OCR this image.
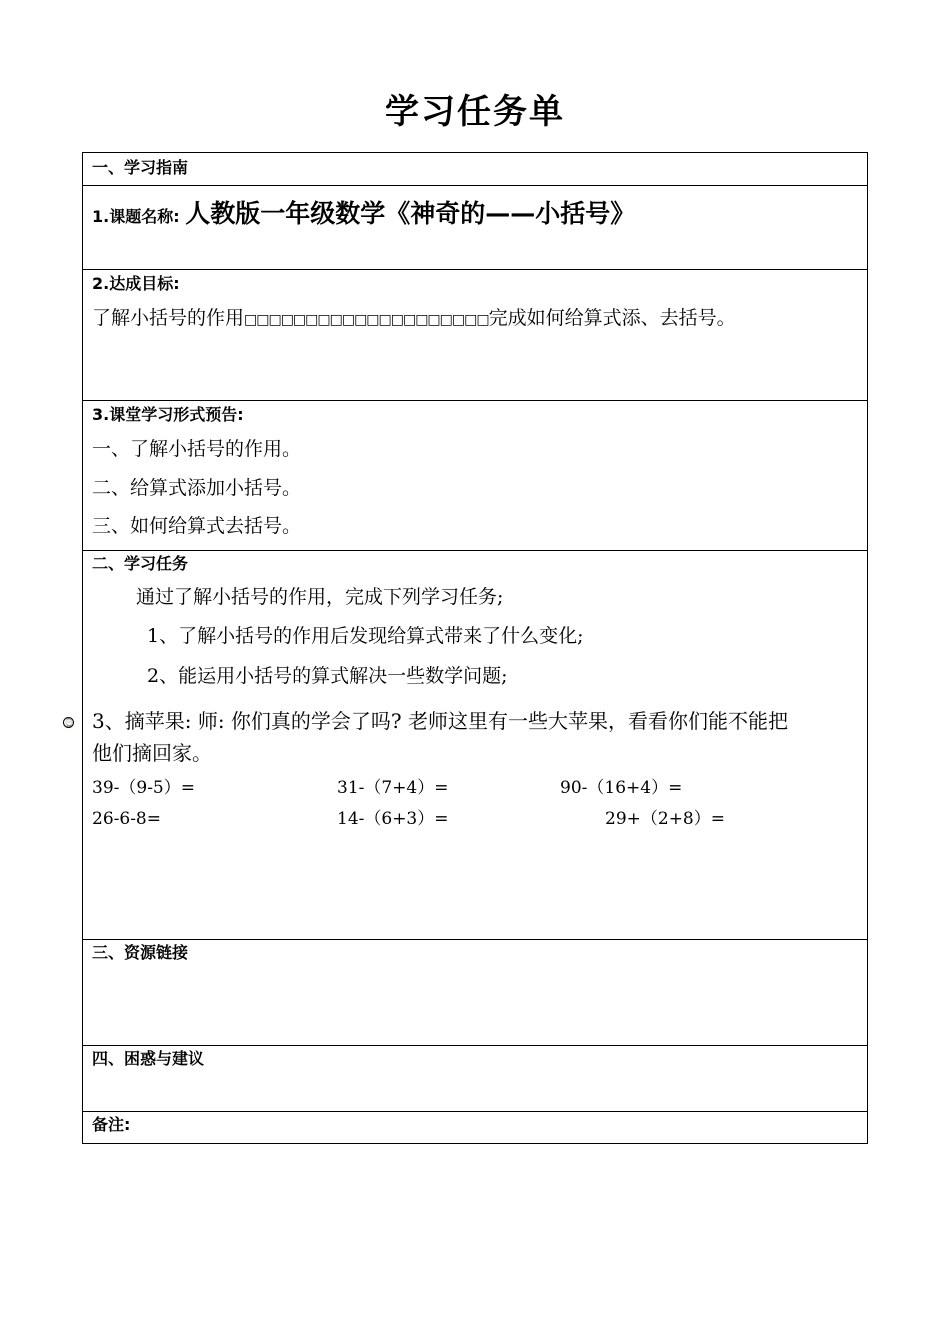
学习任务单
⌚
一、学习指南
1.课题名称: 人教版一年级数学《神奇的——小括号》
2.达成目标:
了解小括号的作用□□□□□□□□□□□□□□□□□□□□完成如何给算式添、去括号。
3.课堂学习形式预告:
一、了解小括号的作用。
二、给算式添加小括号。
三、如何给算式去括号。
二、学习任务
通过了解小括号的作用，完成下列学习任务;
1、了解小括号的作用后发现给算式带来了什么变化;
2、能运用小括号的算式解决一些数学问题;
3、摘苹果: 师: 你们真的学会了吗? 老师这里有一些大苹果，看看你们能不能把
他们摘回家。
39-（9-5）=	31-（7+4）=	90-（16+4）=
26-6-8=	14-（6+3）=	29+（2+8）=
三、资源链接
四、困惑与建议
备注:
